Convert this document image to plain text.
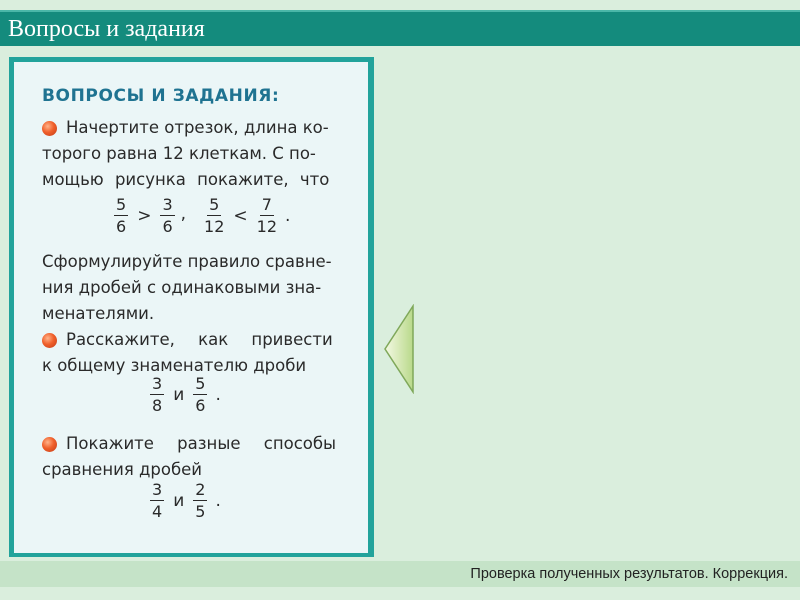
Вопросы и задания
ВОПРОСЫ И ЗАДАНИЯ:
Начертите отрезок, длина ко-
торого равна 12 клеткам. С по-
мощью рисунка покажите, что
$\frac{5}{6} > \frac{3}{6}$ , $\frac{5}{12} < \frac{7}{12}$ .
Сформулируйте правило сравне-
ния дробей с одинаковыми зна-
менателями.
Расскажите, как привести
к общему знаменателю дроби
$\frac{3}{8}$ и $\frac{5}{6}$ .
Покажите разные способы
сравнения дробей
$\frac{3}{4}$ и $\frac{2}{5}$ .
Проверка полученных результатов. Коррекция.
